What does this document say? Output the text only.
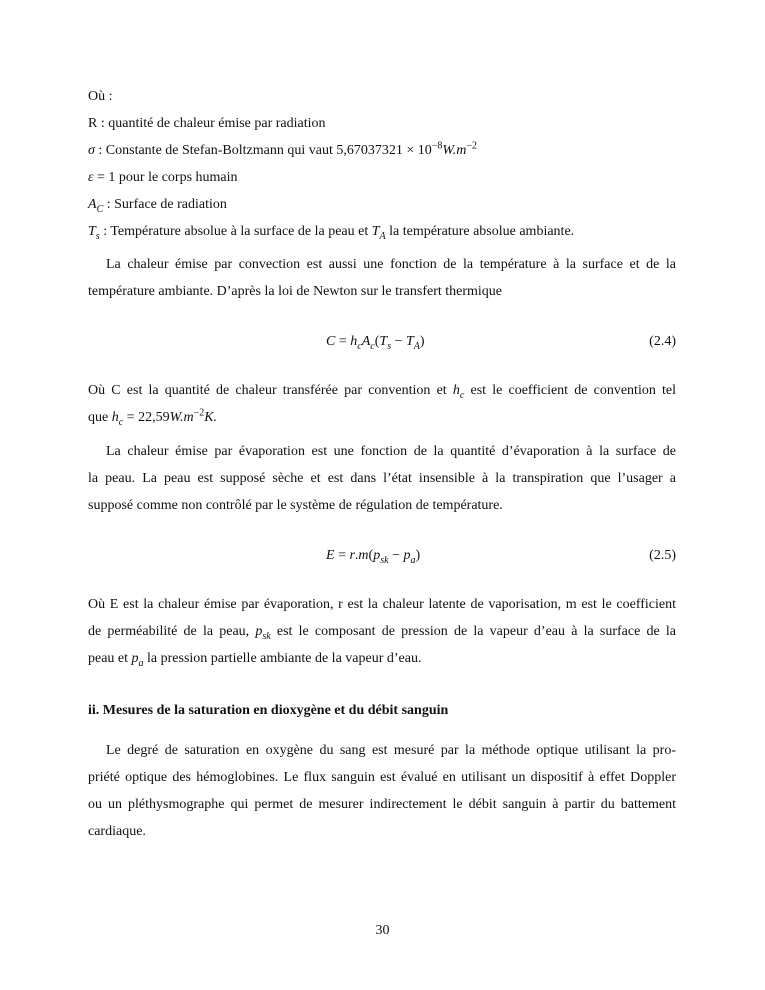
Où :
R : quantité de chaleur émise par radiation
σ : Constante de Stefan-Boltzmann qui vaut $5,67037321 \times 10^{-8}W.m^{-2}$
ε = 1 pour le corps humain
$A_C$ : Surface de radiation
$T_s$ : Température absolue à la surface de la peau et $T_A$ la température absolue ambiante.
La chaleur émise par convection est aussi une fonction de la température à la surface et de la
température ambiante. D’après la loi de Newton sur le transfert thermique
$C = h_cA_c(T_s - T_A)$	(2.4)
Où C est la quantité de chaleur transférée par convention et $h_c$ est le coefficient de convention tel
que $h_c = 22,59W.m^{-2}K$.
La chaleur émise par évaporation est une fonction de la quantité d’évaporation à la surface de
la peau. La peau est supposé sèche et est dans l’état insensible à la transpiration que l’usager a
supposé comme non contrôlé par le système de régulation de température.
$E = r.m(p_{sk} - p_a)$	(2.5)
Où E est la chaleur émise par évaporation, r est la chaleur latente de vaporisation, m est le coefficient
de perméabilité de la peau, $p_{sk}$ est le composant de pression de la vapeur d’eau à la surface de la
peau et $p_a$ la pression partielle ambiante de la vapeur d’eau.
ii. Mesures de la saturation en dioxygène et du débit sanguin
Le degré de saturation en oxygène du sang est mesuré par la méthode optique utilisant la pro-
priété optique des hémoglobines. Le flux sanguin est évalué en utilisant un dispositif à effet Doppler
ou un pléthysmographe qui permet de mesurer indirectement le débit sanguin à partir du battement
cardiaque.
30
